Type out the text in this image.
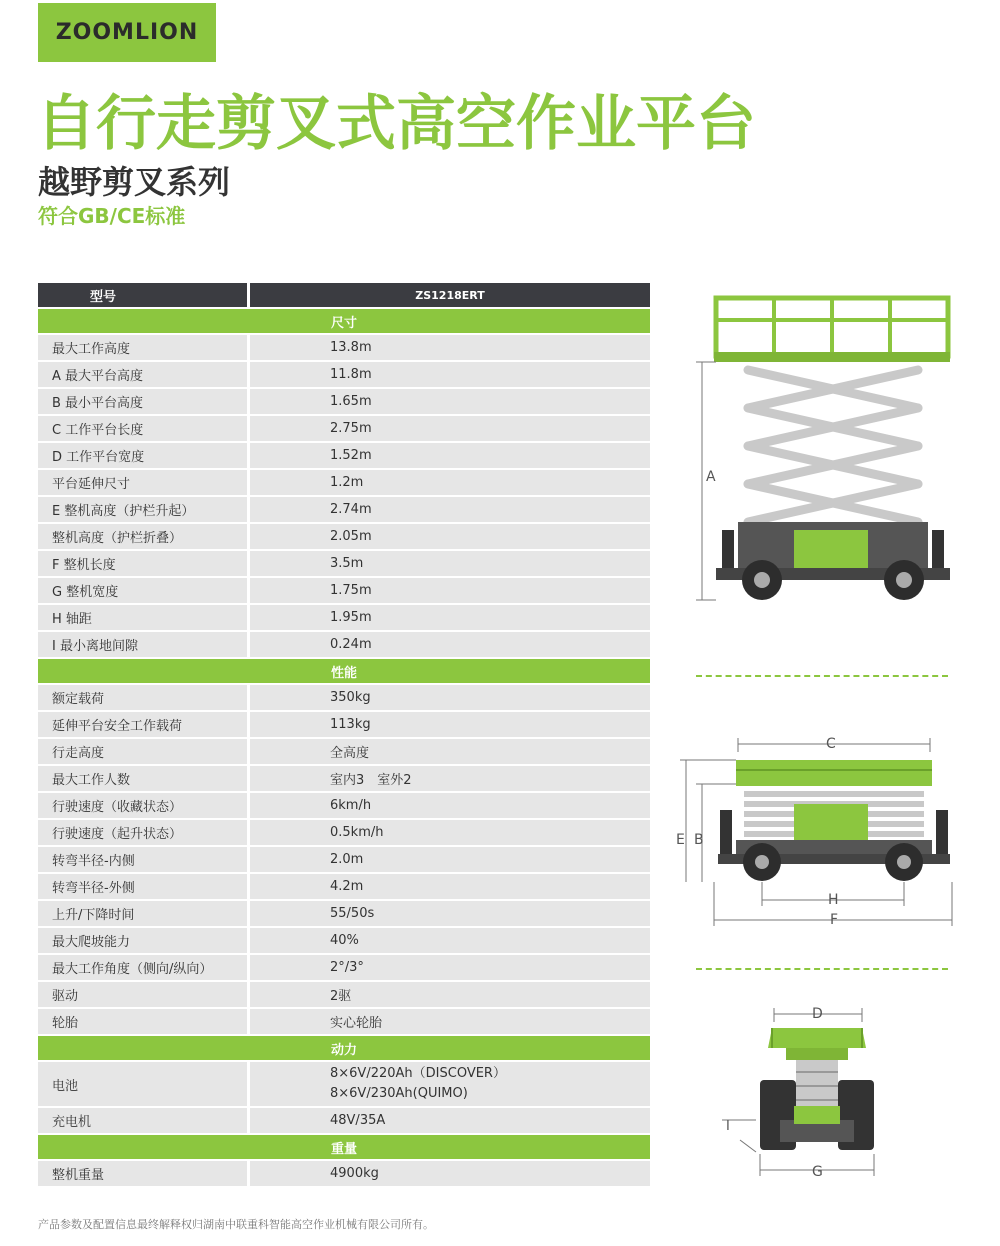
ZOOMLION
自行走剪叉式高空作业平台
越野剪叉系列
符合GB/CE标准
型号	ZS1218ERT
尺寸	
最大工作高度	13.8m
A 最大平台高度	11.8m
B 最小平台高度	1.65m
C 工作平台长度	2.75m
D 工作平台宽度	1.52m
平台延伸尺寸	1.2m
E 整机高度（护栏升起）	2.74m
整机高度（护栏折叠）	2.05m
F 整机长度	3.5m
G 整机宽度	1.75m
H 轴距	1.95m
I 最小离地间隙	0.24m
性能	
额定载荷	350kg
延伸平台安全工作载荷	113kg
行走高度	全高度
最大工作人数	室内3　室外2
行驶速度（收藏状态）	6km/h
行驶速度（起升状态）	0.5km/h
转弯半径-内侧	2.0m
转弯半径-外侧	4.2m
上升/下降时间	55/50s
最大爬坡能力	40%
最大工作角度（侧向/纵向）	2°/3°
驱动	2驱
轮胎	实心轮胎
动力	
电池	8×6V/220Ah（DISCOVER）
8×6V/230Ah(QUIMO)

充电机	48V/35A
重量	
整机重量	4900kg
产品参数及配置信息最终解释权归湖南中联重科智能高空作业机械有限公司所有。
A
C
E B
H
F
D
I
G
